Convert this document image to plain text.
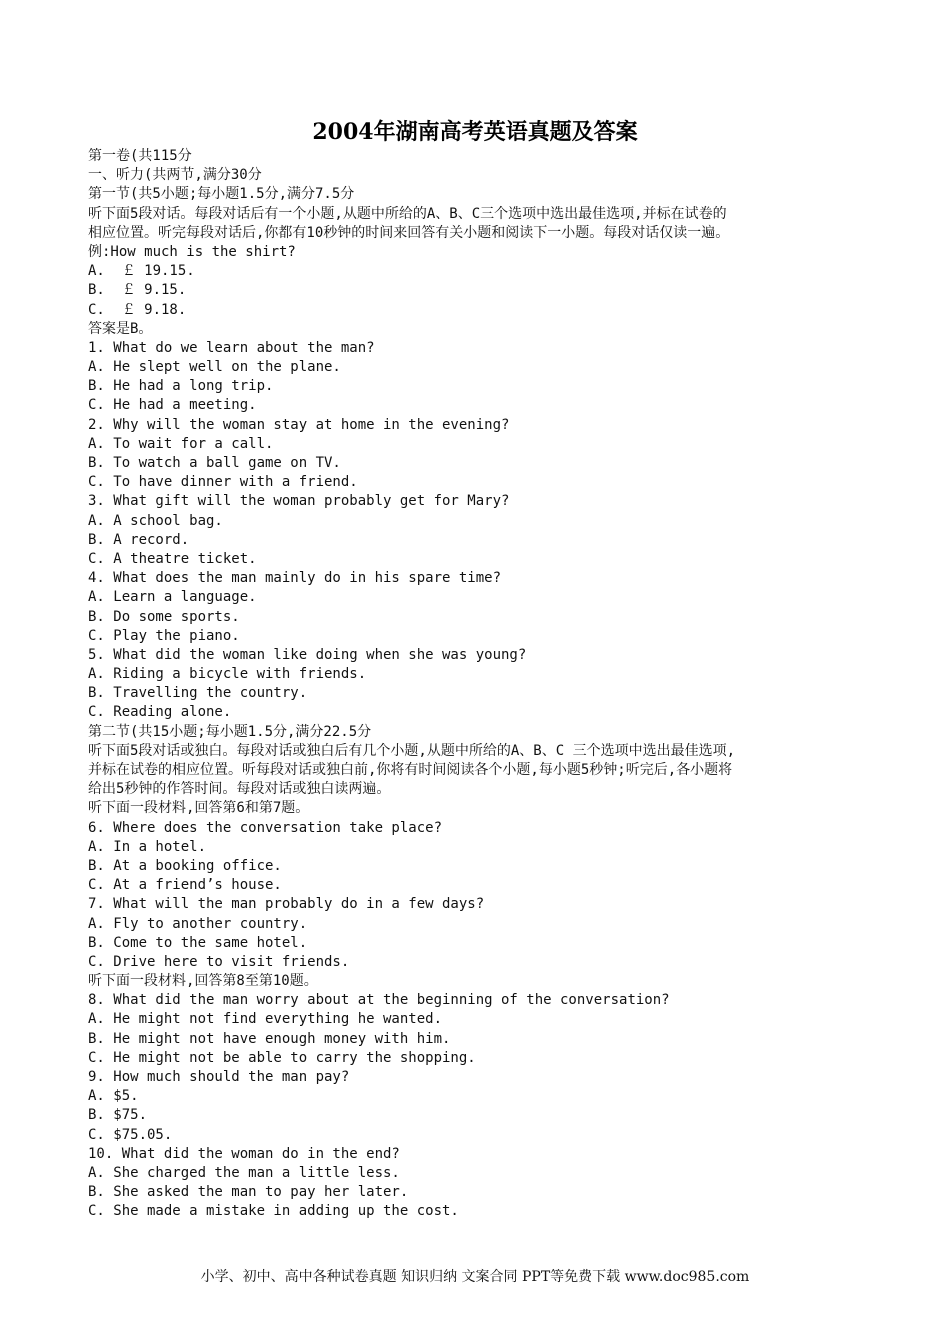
2004年湖南高考英语真题及答案
第一卷(共115分
一、听力(共两节,满分30分
第一节(共5小题;每小题1.5分,满分7.5分
听下面5段对话。每段对话后有一个小题,从题中所给的A、B、C三个选项中选出最佳选项,并标在试卷的
相应位置。听完每段对话后,你都有10秒钟的时间来回答有关小题和阅读下一小题。每段对话仅读一遍。
例:How much is the shirt?
A.  ￡ 19.15.
B.  ￡ 9.15.
C.  ￡ 9.18.
答案是B。
1. What do we learn about the man?
A. He slept well on the plane.
B. He had a long trip.
C. He had a meeting.
2. Why will the woman stay at home in the evening?
A. To wait for a call.
B. To watch a ball game on TV.
C. To have dinner with a friend.
3. What gift will the woman probably get for Mary?
A. A school bag.
B. A record.
C. A theatre ticket.
4. What does the man mainly do in his spare time?
A. Learn a language.
B. Do some sports.
C. Play the piano.
5. What did the woman like doing when she was young?
A. Riding a bicycle with friends.
B. Travelling the country.
C. Reading alone.
第二节(共15小题;每小题1.5分,满分22.5分
听下面5段对话或独白。每段对话或独白后有几个小题,从题中所给的A、B、C 三个选项中选出最佳选项,
并标在试卷的相应位置。听每段对话或独白前,你将有时间阅读各个小题,每小题5秒钟;听完后,各小题将
给出5秒钟的作答时间。每段对话或独白读两遍。
听下面一段材料,回答第6和第7题。
6. Where does the conversation take place?
A. In a hotel.
B. At a booking office.
C. At a friend’s house.
7. What will the man probably do in a few days?
A. Fly to another country.
B. Come to the same hotel.
C. Drive here to visit friends.
听下面一段材料,回答第8至第10题。
8. What did the man worry about at the beginning of the conversation?
A. He might not find everything he wanted.
B. He might not have enough money with him.
C. He might not be able to carry the shopping.
9. How much should the man pay?
A. $5.
B. $75.
C. $75.05.
10. What did the woman do in the end?
A. She charged the man a little less.
B. She asked the man to pay her later.
C. She made a mistake in adding up the cost.
小学、初中、高中各种试卷真题 知识归纳 文案合同 PPT等免费下载 www.doc985.com
